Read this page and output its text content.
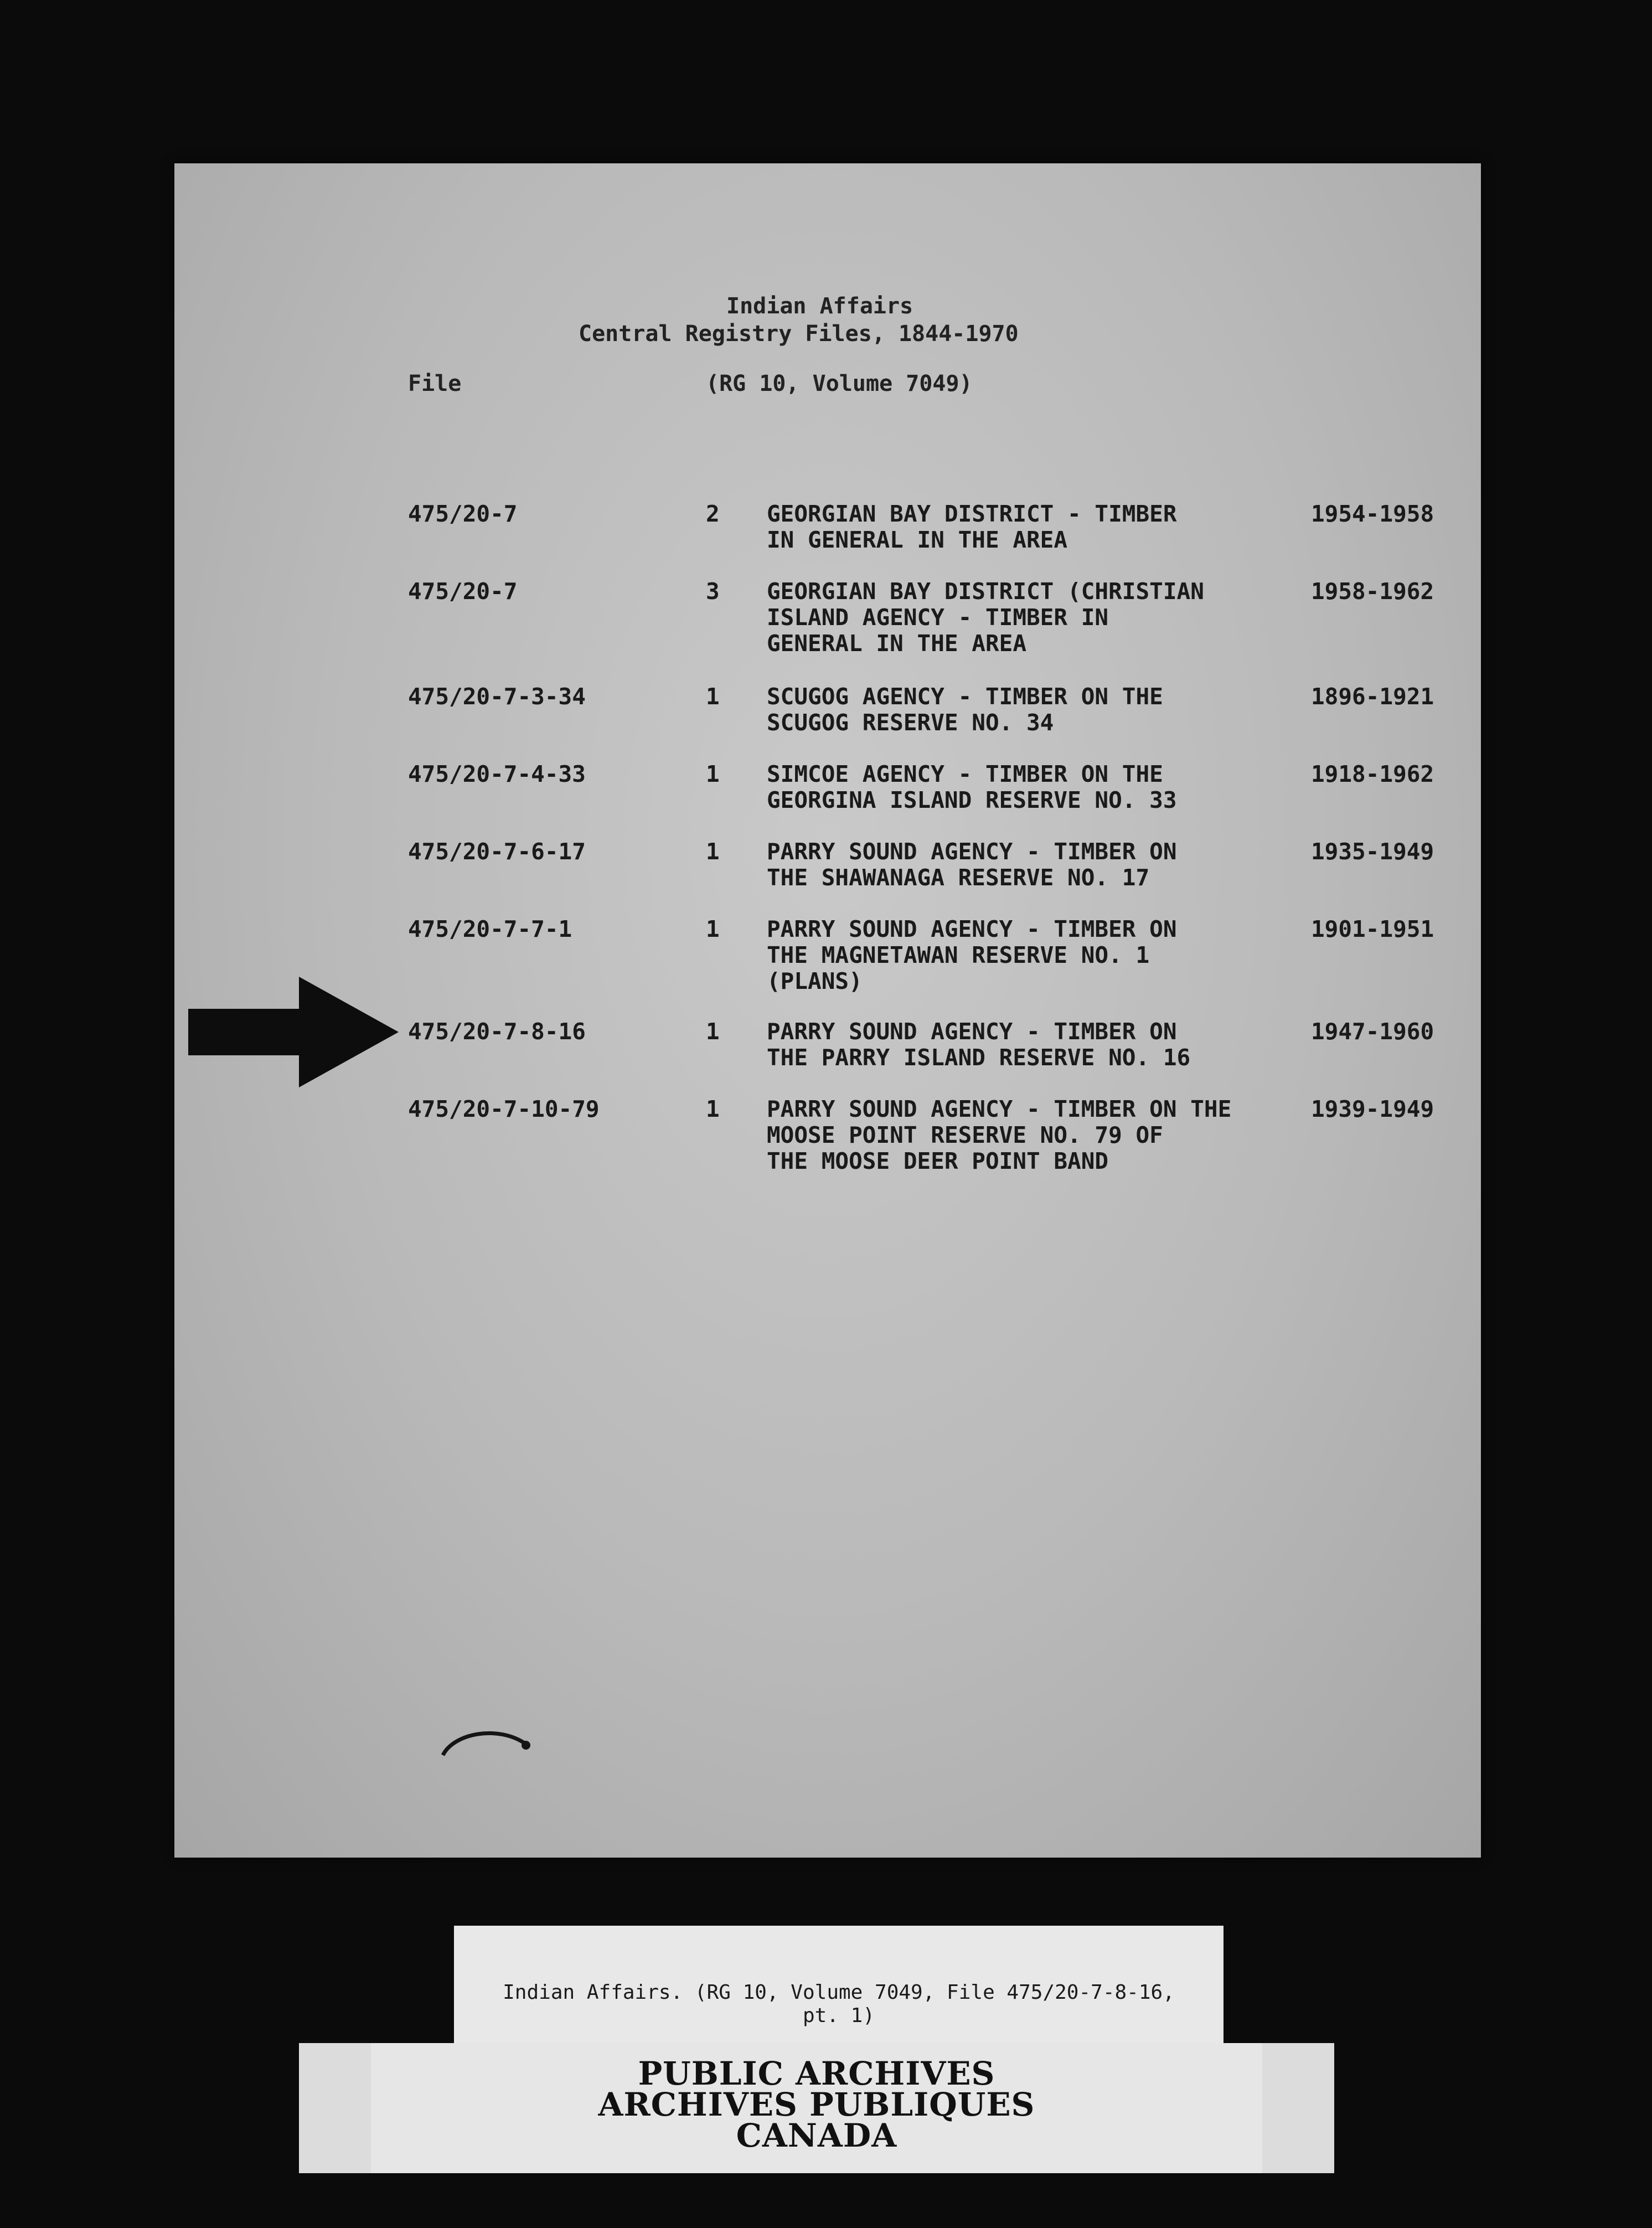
Indian Affairs
Central Registry Files, 1844-1970
File	(RG 10, Volume 7049)
475/20-7	2 GEORGIAN BAY DISTRICT - TIMBER
IN GENERAL IN THE AREA
1954-1958
475/20-7	3 GEORGIAN BAY DISTRICT (CHRISTIAN
ISLAND AGENCY - TIMBER IN
GENERAL IN THE AREA
1958-1962
475/20-7-3-34	1 SCUGOG AGENCY - TIMBER ON THE
SCUGOG RESERVE NO. 34
1896-1921
475/20-7-4-33	1 SIMCOE AGENCY - TIMBER ON THE
GEORGINA ISLAND RESERVE NO. 33
1918-1962
475/20-7-6-17	1 PARRY SOUND AGENCY - TIMBER ON
THE SHAWANAGA RESERVE NO. 17
1935-1949
475/20-7-7-1	1 PARRY SOUND AGENCY - TIMBER ON
THE MAGNETAWAN RESERVE NO. 1
(PLANS)
1901-1951
475/20-7-8-16	1 PARRY SOUND AGENCY - TIMBER ON
THE PARRY ISLAND RESERVE NO. 16
1947-1960
475/20-7-10-79	1 PARRY SOUND AGENCY - TIMBER ON THE
MOOSE POINT RESERVE NO. 79 OF
THE MOOSE DEER POINT BAND
1939-1949
Indian Affairs. (RG 10, Volume 7049, File 475/20-7-8-16,
pt. 1)
PUBLIC ARCHIVES
ARCHIVES PUBLIQUES
CANADA
